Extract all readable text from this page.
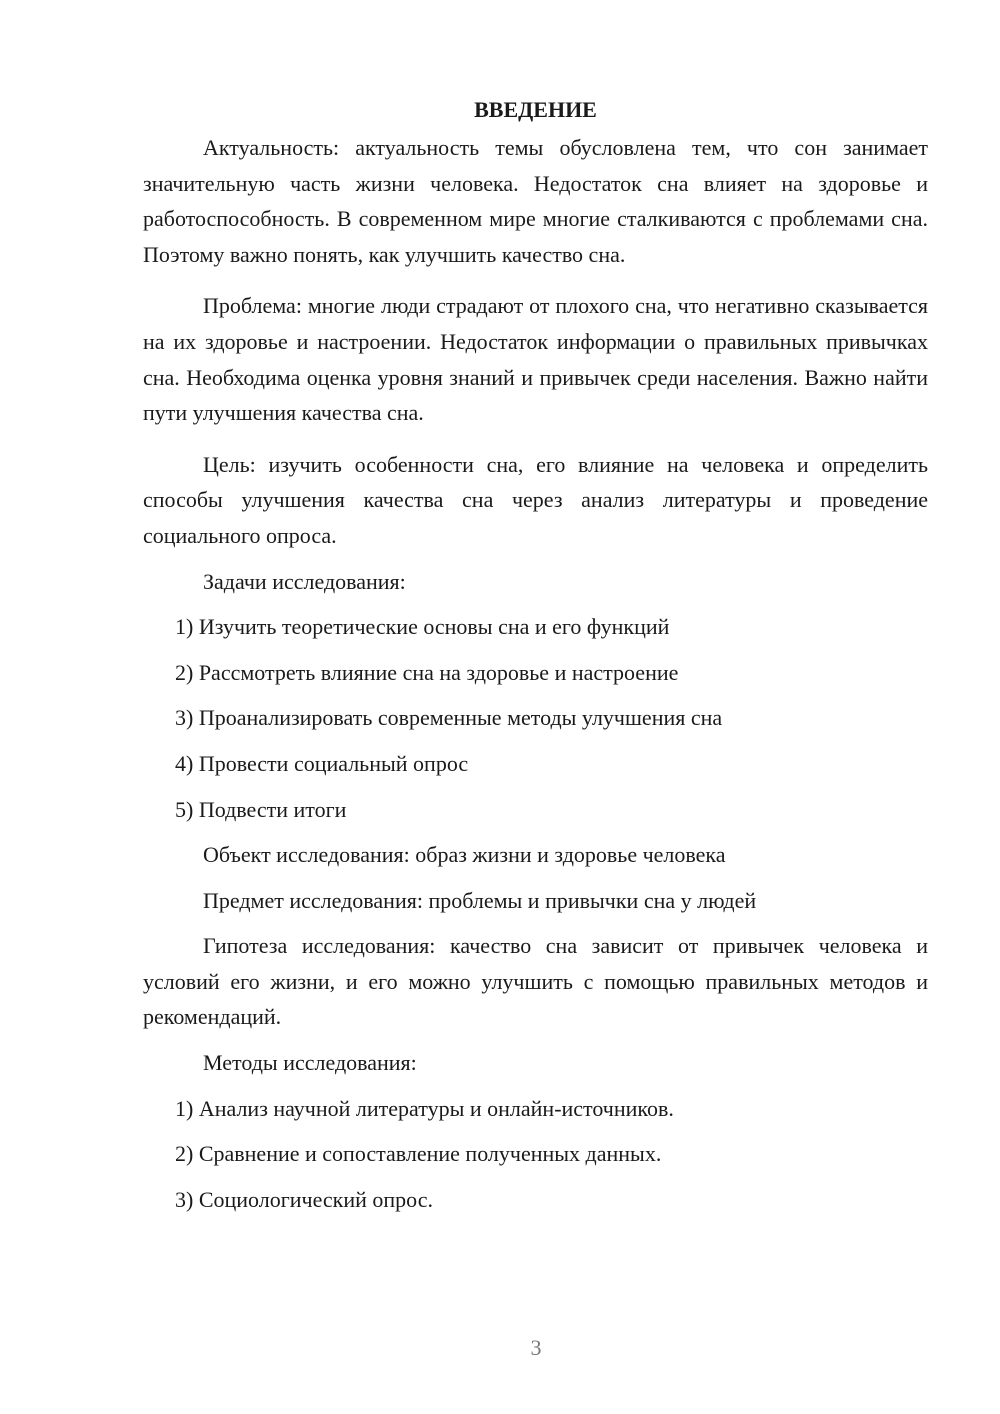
ВВЕДЕНИЕ

Актуальность: актуальность темы обусловлена тем, что сон занимает значительную часть жизни человека. Недостаток сна влияет на здоровье и работоспособность. В современном мире многие сталкиваются с проблемами сна. Поэтому важно понять, как улучшить качество сна.

Проблема: многие люди страдают от плохого сна, что негативно сказывается на их здоровье и настроении. Недостаток информации о правильных привычках сна. Необходима оценка уровня знаний и привычек среди населения. Важно найти пути улучшения качества сна.

Цель: изучить особенности сна, его влияние на человека и определить способы улучшения качества сна через анализ литературы и проведение социального опроса.

Задачи исследования:

1) Изучить теоретические основы сна и его функций

2) Рассмотреть влияние сна на здоровье и настроение

3) Проанализировать современные методы улучшения сна

4) Провести социальный опрос

5) Подвести итоги

Объект исследования: образ жизни и здоровье человека

Предмет исследования: проблемы и привычки сна у людей

Гипотеза исследования: качество сна зависит от привычек человека и условий его жизни, и его можно улучшить с помощью правильных методов и рекомендаций.

Методы исследования:

1) Анализ научной литературы и онлайн-источников.

2) Сравнение и сопоставление полученных данных.

3) Социологический опрос.

3
